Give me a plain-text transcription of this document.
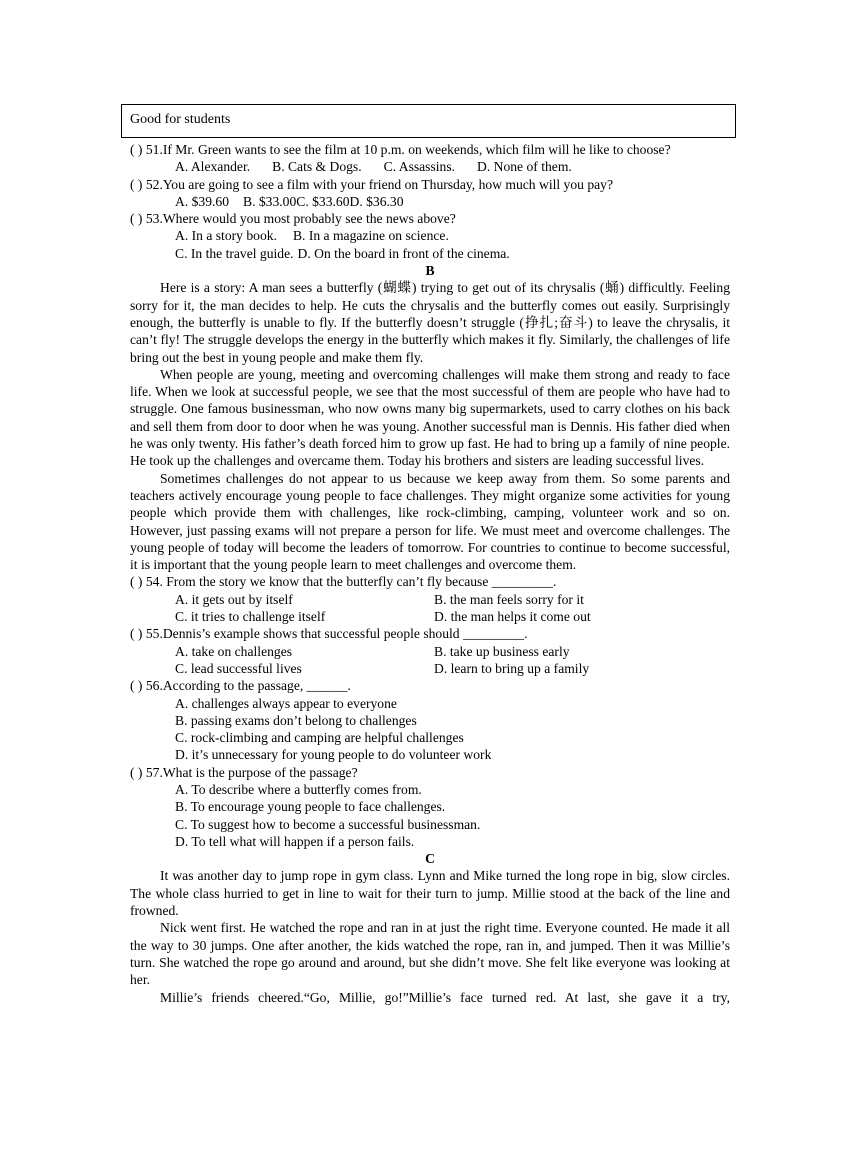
Good for students
( ) 51.If Mr. Green wants to see the film at 10 p.m. on weekends, which film will he like to choose?
A. Alexander. B. Cats & Dogs. C. Assassins. D. None of them.
( ) 52.You are going to see a film with your friend on Thursday, how much will you pay?
A. $39.60 B. $33.00 C. $33.60 D. $36.30
( ) 53.Where would you most probably see the news above?
A. In a story book. B. In a magazine on science.
C. In the travel guide. D. On the board in front of the cinema.
B
Here is a story: A man sees a butterfly (蝴蝶) trying to get out of its chrysalis (蛹) difficultly. Feeling sorry for it, the man decides to help. He cuts the chrysalis and the butterfly comes out easily. Surprisingly enough, the butterfly is unable to fly. If the butterfly doesn’t struggle (挣扎;奋斗) to leave the chrysalis, it can’t fly! The struggle develops the energy in the butterfly which makes it fly. Similarly, the challenges of life bring out the best in young people and make them fly.
When people are young, meeting and overcoming challenges will make them strong and ready to face life. When we look at successful people, we see that the most successful of them are people who have had to struggle. One famous businessman, who now owns many big supermarkets, used to carry clothes on his back and sell them from door to door when he was young. Another successful man is Dennis. His father died when he was only twenty. His father’s death forced him to grow up fast. He had to bring up a family of nine people. He took up the challenges and overcame them. Today his brothers and sisters are leading successful lives.
Sometimes challenges do not appear to us because we keep away from them. So some parents and teachers actively encourage young people to face challenges. They might organize some activities for young people which provide them with challenges, like rock-climbing, camping, volunteer work and so on. However, just passing exams will not prepare a person for life. We must meet and overcome challenges. The young people of today will become the leaders of tomorrow. For countries to continue to become successful, it is important that the young people learn to meet challenges and overcome them.
( ) 54. From the story we know that the butterfly can’t fly because _________.
A. it gets out by itself	B. the man feels sorry for it
C. it tries to challenge itself	D. the man helps it come out
( ) 55.Dennis’s example shows that successful people should _________.
A. take on challenges	B. take up business early
C. lead successful lives	D. learn to bring up a family
( ) 56.According to the passage, ______.
A. challenges always appear to everyone
B. passing exams don’t belong to challenges
C. rock-climbing and camping are helpful challenges
D. it’s unnecessary for young people to do volunteer work
( ) 57.What is the purpose of the passage?
A. To describe where a butterfly comes from.
B. To encourage young people to face challenges.
C. To suggest how to become a successful businessman.
D. To tell what will happen if a person fails.
C
It was another day to jump rope in gym class. Lynn and Mike turned the long rope in big, slow circles. The whole class hurried to get in line to wait for their turn to jump. Millie stood at the back of the line and frowned.
Nick went first. He watched the rope and ran in at just the right time. Everyone counted. He made it all the way to 30 jumps. One after another, the kids watched the rope, ran in, and jumped. Then it was Millie’s turn. She watched the rope go around and around, but she didn’t move. She felt like everyone was looking at her.
Millie’s friends cheered.“Go, Millie, go!”Millie’s face turned red. At last, she gave it a try,
